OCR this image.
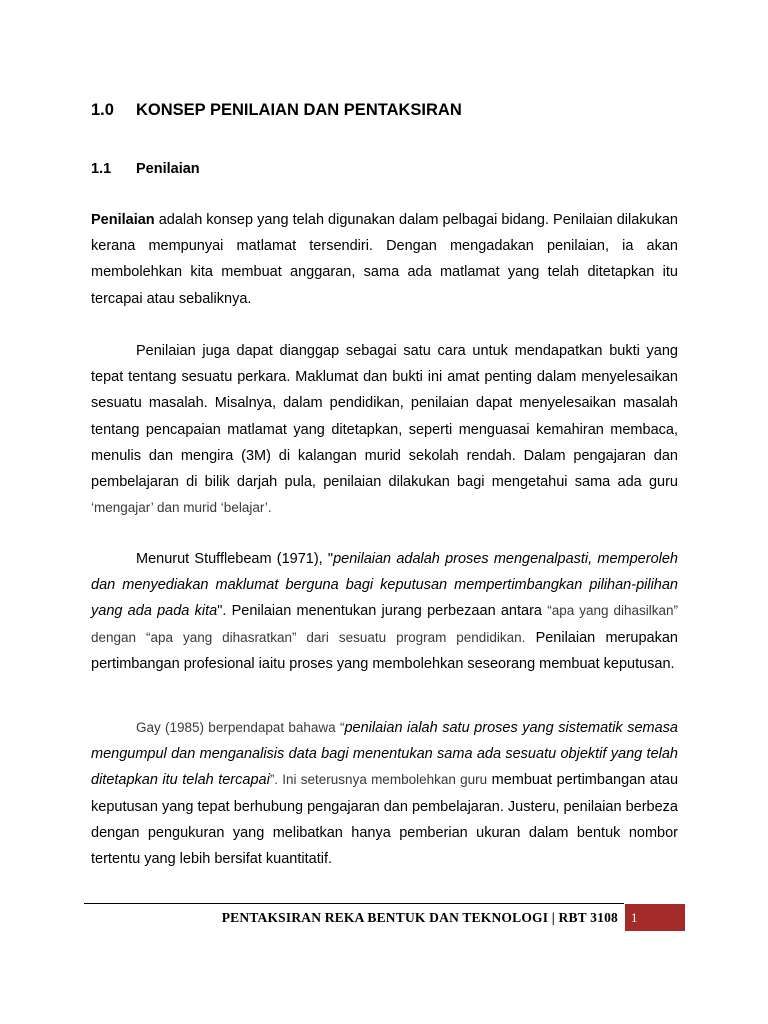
1.0 KONSEP PENILAIAN DAN PENTAKSIRAN
1.1 Penilaian

Penilaian adalah konsep yang telah digunakan dalam pelbagai bidang. Penilaian dilakukan kerana mempunyai matlamat tersendiri. Dengan mengadakan penilaian, ia akan membolehkan kita membuat anggaran, sama ada matlamat yang telah ditetapkan itu tercapai atau sebaliknya.

Penilaian juga dapat dianggap sebagai satu cara untuk mendapatkan bukti yang tepat tentang sesuatu perkara. Maklumat dan bukti ini amat penting dalam menyelesaikan sesuatu masalah. Misalnya, dalam pendidikan, penilaian dapat menyelesaikan masalah tentang pencapaian matlamat yang ditetapkan, seperti menguasai kemahiran membaca, menulis dan mengira (3M) di kalangan murid sekolah rendah. Dalam pengajaran dan pembelajaran di bilik darjah pula, penilaian dilakukan bagi mengetahui sama ada guru ‘mengajar’ dan murid ‘belajar’.

Menurut Stufflebeam (1971), "penilaian adalah proses mengenalpasti, memperoleh dan menyediakan maklumat berguna bagi keputusan mempertimbangkan pilihan-pilihan yang ada pada kita". Penilaian menentukan jurang perbezaan antara “apa yang dihasilkan” dengan “apa yang dihasratkan” dari sesuatu program pendidikan. Penilaian merupakan pertimbangan profesional iaitu proses yang membolehkan seseorang membuat keputusan.

Gay (1985) berpendapat bahawa “penilaian ialah satu proses yang sistematik semasa mengumpul dan menganalisis data bagi menentukan sama ada sesuatu objektif yang telah ditetapkan itu telah tercapai”. Ini seterusnya membolehkan guru membuat pertimbangan atau keputusan yang tepat berhubung pengajaran dan pembelajaran. Justeru, penilaian berbeza dengan pengukuran yang melibatkan hanya pemberian ukuran dalam bentuk nombor tertentu yang lebih bersifat kuantitatif.

PENTAKSIRAN REKA BENTUK DAN TEKNOLOGI | RBT 3108 1
